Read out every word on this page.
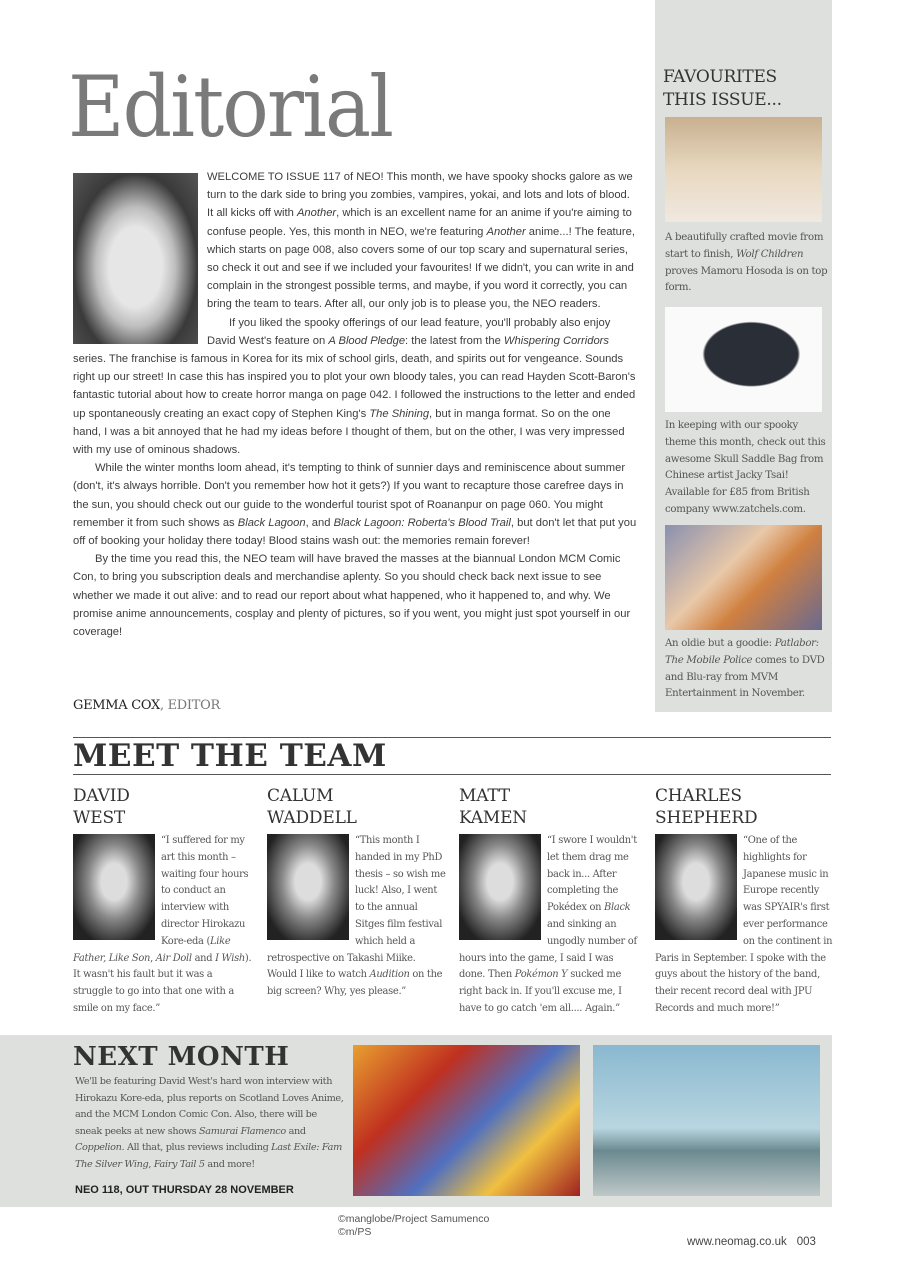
Editorial

WELCOME TO ISSUE 117 of NEO! This month, we have spooky shocks galore as we turn to the dark side to bring you zombies, vampires, yokai, and lots and lots of blood. It all kicks off with Another, which is an excellent name for an anime if you're aiming to confuse people. Yes, this month in NEO, we're featuring Another anime...! The feature, which starts on page 008, also covers some of our top scary and supernatural series, so check it out and see if we included your favourites! If we didn't, you can write in and complain in the strongest possible terms, and maybe, if you word it correctly, you can bring the team to tears. After all, our only job is to please you, the NEO readers.

If you liked the spooky offerings of our lead feature, you'll probably also enjoy David West's feature on A Blood Pledge: the latest from the Whispering Corridors series. The franchise is famous in Korea for its mix of school girls, death, and spirits out for vengeance. Sounds right up our street! In case this has inspired you to plot your own bloody tales, you can read Hayden Scott-Baron's fantastic tutorial about how to create horror manga on page 042. I followed the instructions to the letter and ended up spontaneously creating an exact copy of Stephen King's The Shining, but in manga format. So on the one hand, I was a bit annoyed that he had my ideas before I thought of them, but on the other, I was very impressed with my use of ominous shadows.

While the winter months loom ahead, it's tempting to think of sunnier days and reminiscence about summer (don't, it's always horrible. Don't you remember how hot it gets?) If you want to recapture those carefree days in the sun, you should check out our guide to the wonderful tourist spot of Roananpur on page 060. You might remember it from such shows as Black Lagoon, and Black Lagoon: Roberta's Blood Trail, but don't let that put you off of booking your holiday there today! Blood stains wash out: the memories remain forever!

By the time you read this, the NEO team will have braved the masses at the biannual London MCM Comic Con, to bring you subscription deals and merchandise aplenty. So you should check back next issue to see whether we made it out alive: and to read our report about what happened, who it happened to, and why. We promise anime announcements, cosplay and plenty of pictures, so if you went, you might just spot yourself in our coverage!

GEMMA COX, EDITOR
FAVOURITES
THIS ISSUE...
A beautifully crafted movie from start to finish, Wolf Children proves Mamoru Hosoda is on top form.
In keeping with our spooky theme this month, check out this awesome Skull Saddle Bag from Chinese artist Jacky Tsai! Available for £85 from British company www.zatchels.com.
An oldie but a goodie: Patlabor: The Mobile Police comes to DVD and Blu-ray from MVM Entertainment in November.
MEET THE TEAM
DAVID
WEST
“I suffered for my art this month – waiting four hours to conduct an interview with director Hirokazu Kore-eda (Like Father, Like Son, Air Doll and I Wish). It wasn't his fault but it was a struggle to go into that one with a smile on my face.”
CALUM
WADDELL
“This month I handed in my PhD thesis – so wish me luck! Also, I went to the annual Sitges film festival which held a retrospective on Takashi Miike. Would I like to watch Audition on the big screen? Why, yes please.”
MATT
KAMEN
“I swore I wouldn't let them drag me back in... After completing the Pokédex on Black and sinking an ungodly number of hours into the game, I said I was done. Then Pokémon Y sucked me right back in. If you'll excuse me, I have to go catch 'em all.... Again.”
CHARLES
SHEPHERD
“One of the highlights for Japanese music in Europe recently was SPYAIR's first ever performance on the continent in Paris in September. I spoke with the guys about the history of the band, their recent record deal with JPU Records and much more!”
NEXT MONTH
We'll be featuring David West's hard won interview with Hirokazu Kore-eda, plus reports on Scotland Loves Anime, and the MCM London Comic Con. Also, there will be sneak peeks at new shows Samurai Flamenco and Coppelion. All that, plus reviews including Last Exile: Fam The Silver Wing, Fairy Tail 5 and more!
NEO 118, OUT THURSDAY 28 NOVEMBER
©manglobe/Project Samumenco
©m/PS
www.neomag.co.uk 003
